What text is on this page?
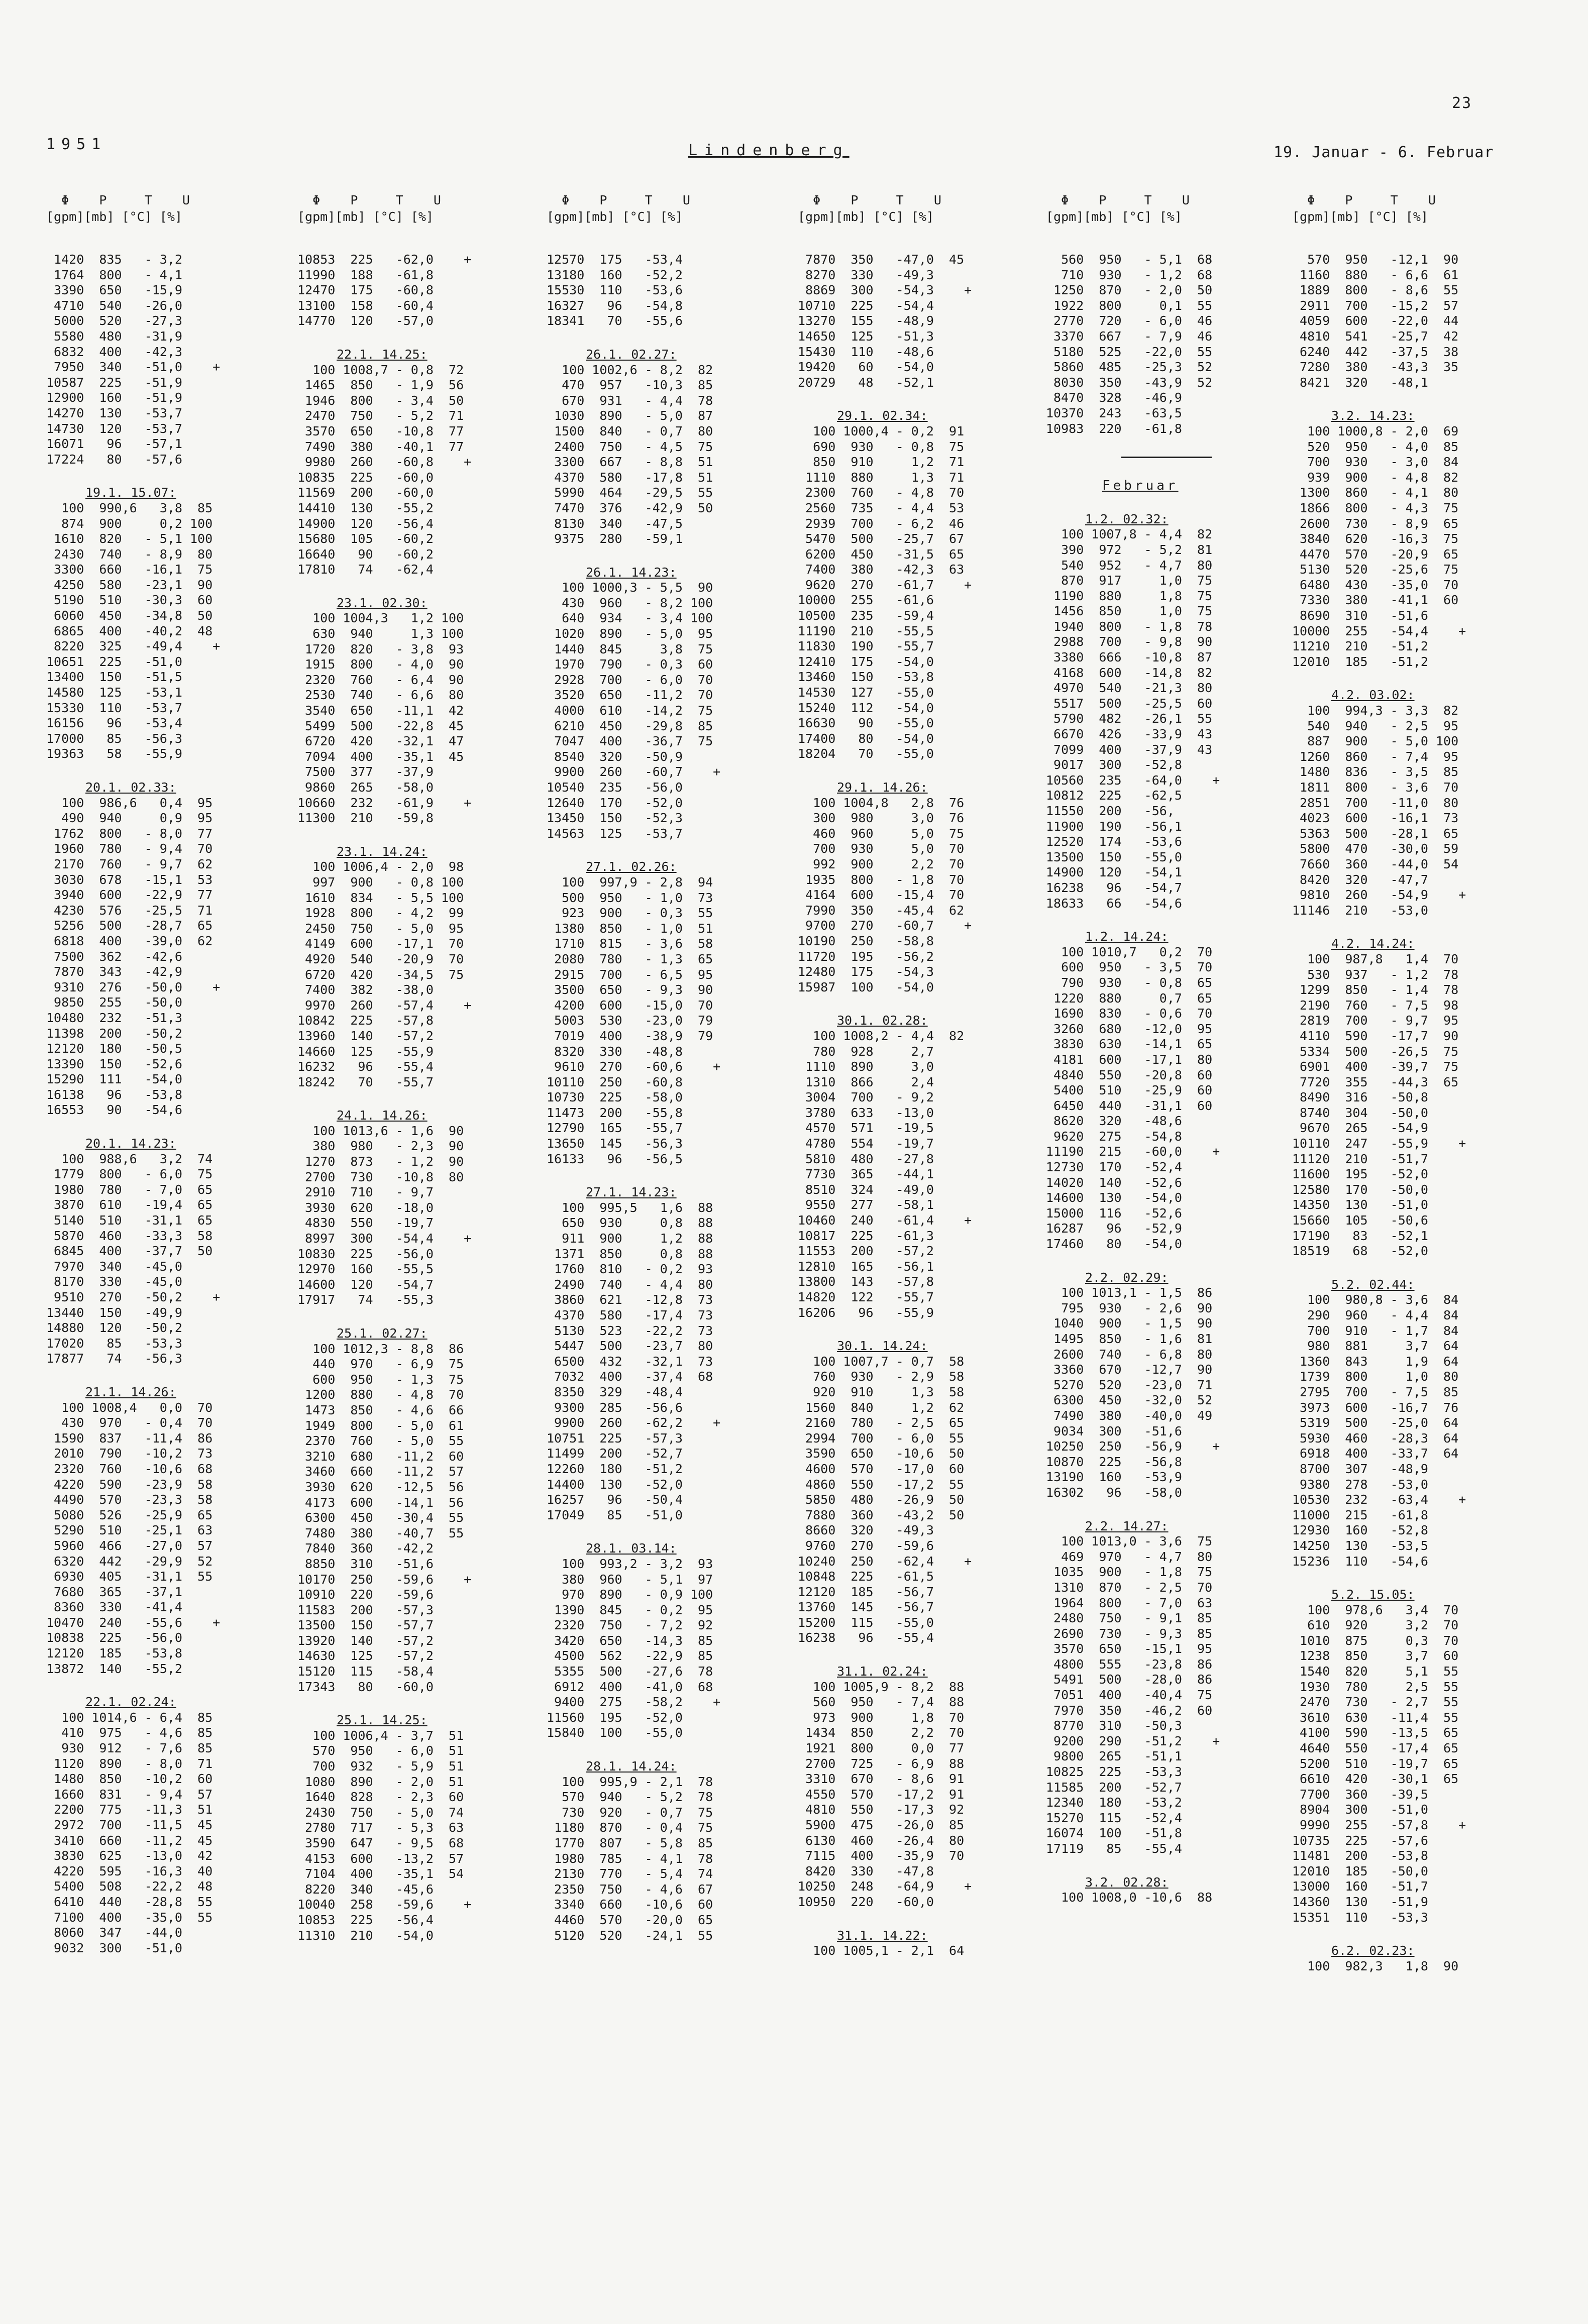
23
1951	Lindenberg	19. Januar - 6. Februar
Φ    P     T    U
[gpm][mb] [°C] [%]
1420  835   - 3,2
1764  800   - 4,1
3390  650   -15,9
4710  540   -26,0
5000  520   -27,3
5580  480   -31,9
6832  400   -42,3
7950  340   -51,0    +
10587  225   -51,9
12900  160   -51,9
14270  130   -53,7
14730  120   -53,7
16071   96   -57,1
17224   80   -57,6
19.1. 15.07:
100  990,6   3,8  85
874  900     0,2 100
1610  820   - 5,1 100
2430  740   - 8,9  80
3300  660   -16,1  75
4250  580   -23,1  90
5190  510   -30,3  60
6060  450   -34,8  50
6865  400   -40,2  48
8220  325   -49,4    +
10651  225   -51,0
13400  150   -51,5
14580  125   -53,1
15330  110   -53,7
16156   96   -53,4
17000   85   -56,3
19363   58   -55,9
20.1. 02.33:
100  986,6   0,4  95
490  940     0,9  95
1762  800   - 8,0  77
1960  780   - 9,4  70
2170  760   - 9,7  62
3030  678   -15,1  53
3940  600   -22,9  77
4230  576   -25,5  71
5256  500   -28,7  65
6818  400   -39,0  62
7500  362   -42,6
7870  343   -42,9
9310  276   -50,0    +
9850  255   -50,0
10480  232   -51,3
11398  200   -50,2
12120  180   -50,5
13390  150   -52,6
15290  111   -54,0
16138   96   -53,8
16553   90   -54,6
20.1. 14.23:
100  988,6   3,2  74
1779  800   - 6,0  75
1980  780   - 7,0  65
3870  610   -19,4  65
5140  510   -31,1  65
5870  460   -33,3  58
6845  400   -37,7  50
7970  340   -45,0
8170  330   -45,0
9510  270   -50,2    +
13440  150   -49,9
14880  120   -50,2
17020   85   -53,3
17877   74   -56,3
21.1. 14.26:
100 1008,4   0,0  70
430  970   - 0,4  70
1590  837   -11,4  86
2010  790   -10,2  73
2320  760   -10,6  68
4220  590   -23,9  58
4490  570   -23,3  58
5080  526   -25,9  65
5290  510   -25,1  63
5960  466   -27,0  57
6320  442   -29,9  52
6930  405   -31,1  55
7680  365   -37,1
8360  330   -41,4
10470  240   -55,6    +
10838  225   -56,0
12120  185   -53,8
13872  140   -55,2
22.1. 02.24:
100 1014,6 - 6,4  85
410  975   - 4,6  85
930  912   - 7,6  85
1120  890   - 8,0  71
1480  850   -10,2  60
1660  831   - 9,4  57
2200  775   -11,3  51
2972  700   -11,5  45
3410  660   -11,2  45
3830  625   -13,0  42
4220  595   -16,3  40
5400  508   -22,2  48
6410  440   -28,8  55
7100  400   -35,0  55
8060  347   -44,0
9032  300   -51,0
Φ    P     T    U
[gpm][mb] [°C] [%]
10853  225   -62,0    +
11990  188   -61,8
12470  175   -60,8
13100  158   -60,4
14770  120   -57,0
22.1. 14.25:
100 1008,7 - 0,8  72
1465  850   - 1,9  56
1946  800   - 3,4  50
2470  750   - 5,2  71
3570  650   -10,8  77
7490  380   -40,1  77
9980  260   -60,8    +
10835  225   -60,0
11569  200   -60,0
14410  130   -55,2
14900  120   -56,4
15680  105   -60,2
16640   90   -60,2
17810   74   -62,4
23.1. 02.30:
100 1004,3   1,2 100
630  940     1,3 100
1720  820   - 3,8  93
1915  800   - 4,0  90
2320  760   - 6,4  90
2530  740   - 6,6  80
3540  650   -11,1  42
5499  500   -22,8  45
6720  420   -32,1  47
7094  400   -35,1  45
7500  377   -37,9
9860  265   -58,0
10660  232   -61,9    +
11300  210   -59,8
23.1. 14.24:
100 1006,4 - 2,0  98
997  900   - 0,8 100
1610  834   - 5,5 100
1928  800   - 4,2  99
2450  750   - 5,0  95
4149  600   -17,1  70
4920  540   -20,9  70
6720  420   -34,5  75
7400  382   -38,0
9970  260   -57,4    +
10842  225   -57,8
13960  140   -57,2
14660  125   -55,9
16232   96   -55,4
18242   70   -55,7
24.1. 14.26:
100 1013,6 - 1,6  90
380  980   - 2,3  90
1270  873   - 1,2  90
2700  730   -10,8  80
2910  710   - 9,7
3930  620   -18,0
4830  550   -19,7
8997  300   -54,4    +
10830  225   -56,0
12970  160   -55,5
14600  120   -54,7
17917   74   -55,3
25.1. 02.27:
100 1012,3 - 8,8  86
440  970   - 6,9  75
600  950   - 1,3  75
1200  880   - 4,8  70
1473  850   - 4,6  66
1949  800   - 5,0  61
2370  760   - 5,0  55
3210  680   -11,2  60
3460  660   -11,2  57
3930  620   -12,5  56
4173  600   -14,1  56
6300  450   -30,4  55
7480  380   -40,7  55
7840  360   -42,2
8850  310   -51,6
10170  250   -59,6    +
10910  220   -59,6
11583  200   -57,3
13500  150   -57,7
13920  140   -57,2
14630  125   -57,2
15120  115   -58,4
17343   80   -60,0
25.1. 14.25:
100 1006,4 - 3,7  51
570  950   - 6,0  51
700  932   - 5,9  51
1080  890   - 2,0  51
1640  828   - 2,3  60
2430  750   - 5,0  74
2780  717   - 5,3  63
3590  647   - 9,5  68
4153  600   -13,2  57
7104  400   -35,1  54
8220  340   -45,6
10040  258   -59,6    +
10853  225   -56,4
11310  210   -54,0
Φ    P     T    U
[gpm][mb] [°C] [%]
12570  175   -53,4
13180  160   -52,2
15530  110   -53,6
16327   96   -54,8
18341   70   -55,6
26.1. 02.27:
100 1002,6 - 8,2  82
470  957   -10,3  85
670  931   - 4,4  78
1030  890   - 5,0  87
1500  840   - 0,7  80
2400  750   - 4,5  75
3300  667   - 8,8  51
4370  580   -17,8  51
5990  464   -29,5  55
7470  376   -42,9  50
8130  340   -47,5
9375  280   -59,1
26.1. 14.23:
100 1000,3 - 5,5  90
430  960   - 8,2 100
640  934   - 3,4 100
1020  890   - 5,0  95
1440  845     3,8  75
1970  790   - 0,3  60
2928  700   - 6,0  70
3520  650   -11,2  70
4000  610   -14,2  75
6210  450   -29,8  85
7047  400   -36,7  75
8540  320   -50,9
9900  260   -60,7    +
10540  235   -56,0
12640  170   -52,0
13450  150   -52,3
14563  125   -53,7
27.1. 02.26:
100  997,9 - 2,8  94
500  950   - 1,0  73
923  900   - 0,3  55
1380  850   - 1,0  51
1710  815   - 3,6  58
2080  780   - 1,3  65
2915  700   - 6,5  95
3500  650   - 9,3  90
4200  600   -15,0  70
5003  530   -23,0  79
7019  400   -38,9  79
8320  330   -48,8
9610  270   -60,6    +
10110  250   -60,8
10730  225   -58,0
11473  200   -55,8
12790  165   -55,7
13650  145   -56,3
16133   96   -56,5
27.1. 14.23:
100  995,5   1,6  88
650  930     0,8  88
911  900     1,2  88
1371  850     0,8  88
1760  810   - 0,2  93
2490  740   - 4,4  80
3860  621   -12,8  73
4370  580   -17,4  73
5130  523   -22,2  73
5447  500   -23,7  80
6500  432   -32,1  73
7032  400   -37,4  68
8350  329   -48,4
9300  285   -56,6
9900  260   -62,2    +
10751  225   -57,3
11499  200   -52,7
12260  180   -51,2
14400  130   -52,0
16257   96   -50,4
17049   85   -51,0
28.1. 03.14:
100  993,2 - 3,2  93
380  960   - 5,1  97
970  890   - 0,9 100
1390  845   - 0,2  95
2320  750   - 7,2  92
3420  650   -14,3  85
4500  562   -22,9  85
5355  500   -27,6  78
6912  400   -41,0  68
9400  275   -58,2    +
11560  195   -52,0
15840  100   -55,0
28.1. 14.24:
100  995,9 - 2,1  78
570  940   - 5,2  78
730  920   - 0,7  75
1180  870   - 0,4  75
1770  807   - 5,8  85
1980  785   - 4,1  78
2130  770   - 5,4  74
2350  750   - 4,6  67
3340  660   -10,6  60
4460  570   -20,0  65
5120  520   -24,1  55
Φ    P     T    U
[gpm][mb] [°C] [%]
7870  350   -47,0  45
8270  330   -49,3
8869  300   -54,3    +
10710  225   -54,4
13270  155   -48,9
14650  125   -51,3
15430  110   -48,6
19420   60   -54,0
20729   48   -52,1
29.1. 02.34:
100 1000,4 - 0,2  91
690  930   - 0,8  75
850  910     1,2  71
1110  880     1,3  71
2300  760   - 4,8  70
2560  735   - 4,4  53
2939  700   - 6,2  46
5470  500   -25,7  67
6200  450   -31,5  65
7400  380   -42,3  63
9620  270   -61,7    +
10000  255   -61,6
10500  235   -59,4
11190  210   -55,5
11830  190   -55,7
12410  175   -54,0
13460  150   -53,8
14530  127   -55,0
15240  112   -54,0
16630   90   -55,0
17400   80   -54,0
18204   70   -55,0
29.1. 14.26:
100 1004,8   2,8  76
300  980     3,0  76
460  960     5,0  75
700  930     5,0  70
992  900     2,2  70
1935  800   - 1,8  70
4164  600   -15,4  70
7990  350   -45,4  62
9700  270   -60,7    +
10190  250   -58,8
11720  195   -56,2
12480  175   -54,3
15987  100   -54,0
30.1. 02.28:
100 1008,2 - 4,4  82
780  928     2,7
1110  890     3,0
1310  866     2,4
3004  700   - 9,2
3780  633   -13,0
4570  571   -19,5
4780  554   -19,7
5810  480   -27,8
7730  365   -44,1
8510  324   -49,0
9550  277   -58,1
10460  240   -61,4    +
10817  225   -61,3
11553  200   -57,2
12810  165   -56,1
13800  143   -57,8
14820  122   -55,7
16206   96   -55,9
30.1. 14.24:
100 1007,7 - 0,7  58
760  930   - 2,9  58
920  910     1,3  58
1560  840     1,2  62
2160  780   - 2,5  65
2994  700   - 6,0  55
3590  650   -10,6  50
4600  570   -17,0  60
4860  550   -17,2  55
5850  480   -26,9  50
7880  360   -43,2  50
8660  320   -49,3
9760  270   -59,6
10240  250   -62,4    +
10848  225   -61,5
12120  185   -56,7
13760  145   -56,7
15200  115   -55,0
16238   96   -55,4
31.1. 02.24:
100 1005,9 - 8,2  88
560  950   - 7,4  88
973  900     1,8  70
1434  850     2,2  70
1921  800     0,0  77
2700  725   - 6,9  88
3310  670   - 8,6  91
4550  570   -17,2  91
4810  550   -17,3  92
5900  475   -26,0  85
6130  460   -26,4  80
7115  400   -35,9  70
8420  330   -47,8
10250  248   -64,9    +
10950  220   -60,0
31.1. 14.22:
100 1005,1 - 2,1  64
Φ    P     T    U
[gpm][mb] [°C] [%]
560  950   - 5,1  68
710  930   - 1,2  68
1250  870   - 2,0  50
1922  800     0,1  55
2770  720   - 6,0  46
3370  667   - 7,9  46
5180  525   -22,0  55
5860  485   -25,3  52
8030  350   -43,9  52
8470  328   -46,9
10370  243   -63,5
10983  220   -61,8
Februar
1.2. 02.32:
100 1007,8 - 4,4  82
390  972   - 5,2  81
540  952   - 4,7  80
870  917     1,0  75
1190  880     1,8  75
1456  850     1,0  75
1940  800   - 1,8  78
2988  700   - 9,8  90
3380  666   -10,8  87
4168  600   -14,8  82
4970  540   -21,3  80
5517  500   -25,5  60
5790  482   -26,1  55
6670  426   -33,9  43
7099  400   -37,9  43
9017  300   -52,8
10560  235   -64,0    +
10812  225   -62,5
11550  200   -56,
11900  190   -56,1
12520  174   -53,6
13500  150   -55,0
14900  120   -54,1
16238   96   -54,7
18633   66   -54,6
1.2. 14.24:
100 1010,7   0,2  70
600  950   - 3,5  70
790  930   - 0,8  65
1220  880     0,7  65
1690  830   - 0,6  70
3260  680   -12,0  95
3830  630   -14,1  65
4181  600   -17,1  80
4840  550   -20,8  60
5400  510   -25,9  60
6450  440   -31,1  60
8620  320   -48,6
9620  275   -54,8
11190  215   -60,0    +
12730  170   -52,4
14020  140   -52,6
14600  130   -54,0
15000  116   -52,6
16287   96   -52,9
17460   80   -54,0
2.2. 02.29:
100 1013,1 - 1,5  86
795  930   - 2,6  90
1040  900   - 1,5  90
1495  850   - 1,6  81
2600  740   - 6,8  80
3360  670   -12,7  90
5270  520   -23,0  71
6300  450   -32,0  52
7490  380   -40,0  49
9034  300   -51,6
10250  250   -56,9    +
10870  225   -56,8
13190  160   -53,9
16302   96   -58,0
2.2. 14.27:
100 1013,0 - 3,6  75
469  970   - 4,7  80
1035  900   - 1,8  75
1310  870   - 2,5  70
1964  800   - 7,0  63
2480  750   - 9,1  85
2690  730   - 9,3  85
3570  650   -15,1  95
4800  555   -23,8  86
5491  500   -28,0  86
7051  400   -40,4  75
7970  350   -46,2  60
8770  310   -50,3
9200  290   -51,2    +
9800  265   -51,1
10825  225   -53,3
11585  200   -52,7
12340  180   -53,2
15270  115   -52,4
16074  100   -51,8
17119   85   -55,4
3.2. 02.28:
100 1008,0 -10,6  88
Φ    P     T    U
[gpm][mb] [°C] [%]
570  950   -12,1  90
1160  880   - 6,6  61
1889  800   - 8,6  55
2911  700   -15,2  57
4059  600   -22,0  44
4810  541   -25,7  42
6240  442   -37,5  38
7280  380   -43,3  35
8421  320   -48,1
3.2. 14.23:
100 1000,8 - 2,0  69
520  950   - 4,0  85
700  930   - 3,0  84
939  900   - 4,8  82
1300  860   - 4,1  80
1866  800   - 4,3  75
2600  730   - 8,9  65
3840  620   -16,3  75
4470  570   -20,9  65
5130  520   -25,6  75
6480  430   -35,0  70
7330  380   -41,1  60
8690  310   -51,6
10000  255   -54,4    +
11210  210   -51,2
12010  185   -51,2
4.2. 03.02:
100  994,3 - 3,3  82
540  940   - 2,5  95
887  900   - 5,0 100
1260  860   - 7,4  95
1480  836   - 3,5  85
1811  800   - 3,6  70
2851  700   -11,0  80
4023  600   -16,1  73
5363  500   -28,1  65
5800  470   -30,0  59
7660  360   -44,0  54
8420  320   -47,7
9810  260   -54,9    +
11146  210   -53,0
4.2. 14.24:
100  987,8   1,4  70
530  937   - 1,2  78
1299  850   - 1,4  78
2190  760   - 7,5  98
2819  700   - 9,7  95
4110  590   -17,7  90
5334  500   -26,5  75
6901  400   -39,7  75
7720  355   -44,3  65
8490  316   -50,8
8740  304   -50,0
9670  265   -54,9
10110  247   -55,9    +
11120  210   -51,7
11600  195   -52,0
12580  170   -50,0
14350  130   -51,0
15660  105   -50,6
17190   83   -52,1
18519   68   -52,0
5.2. 02.44:
100  980,8 - 3,6  84
290  960   - 4,4  84
700  910   - 1,7  84
980  881     3,7  64
1360  843     1,9  64
1739  800     1,0  80
2795  700   - 7,5  85
3973  600   -16,7  76
5319  500   -25,0  64
5930  460   -28,3  64
6918  400   -33,7  64
8700  307   -48,9
9380  278   -53,0
10530  232   -63,4    +
11000  215   -61,8
12930  160   -52,8
14250  130   -53,5
15236  110   -54,6
5.2. 15.05:
100  978,6   3,4  70
610  920     3,2  70
1010  875     0,3  70
1238  850     3,7  60
1540  820     5,1  55
1930  780     2,5  55
2470  730   - 2,7  55
3610  630   -11,4  55
4100  590   -13,5  65
4640  550   -17,4  65
5200  510   -19,7  65
6610  420   -30,1  65
7700  360   -39,5
8904  300   -51,0
9990  255   -57,8    +
10735  225   -57,6
11481  200   -53,8
12010  185   -50,0
13000  160   -51,7
14360  130   -51,9
15351  110   -53,3
6.2. 02.23:
100  982,3   1,8  90
